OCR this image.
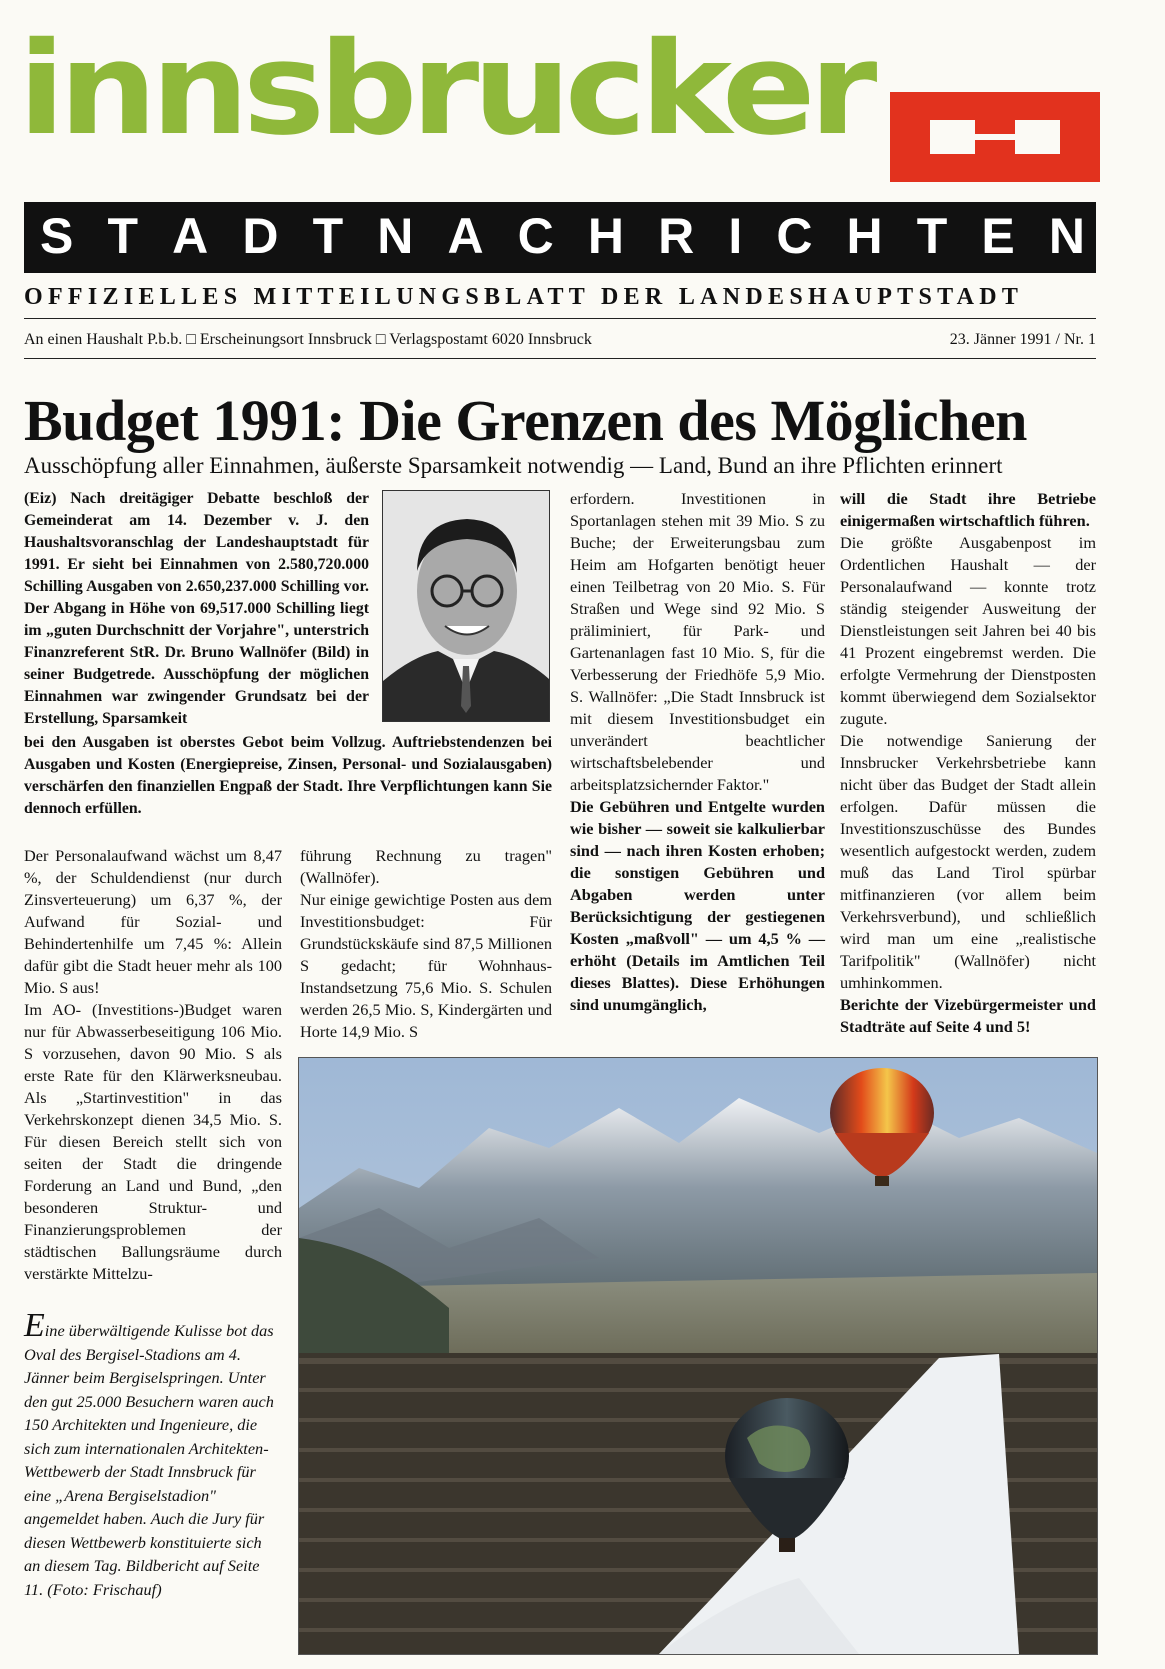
innsbrucker
S T A D T N A C H R I C H T E N
OFFIZIELLES MITTEILUNGSBLATT DER LANDESHAUPTSTADT
An einen Haushalt P.b.b. □ Erscheinungsort Innsbruck □ Verlagspostamt 6020 Innsbruck	23. Jänner 1991 / Nr. 1
Budget 1991: Die Grenzen des Möglichen
Ausschöpfung aller Einnahmen, äußerste Sparsamkeit notwendig — Land, Bund an ihre Pflichten erinnert
(Eiz) Nach dreitägiger Debatte beschloß der Gemeinderat am 14. Dezember v. J. den Haushaltsvoranschlag der Landeshauptstadt für 1991. Er sieht bei Einnahmen von 2.580,720.000 Schilling Ausgaben von 2.650,237.000 Schilling vor. Der Abgang in Höhe von 69,517.000 Schilling liegt im „guten Durchschnitt der Vorjahre", unterstrich Finanzreferent StR. Dr. Bruno Wallnöfer (Bild) in seiner Budgetrede. Ausschöpfung der möglichen Einnahmen war zwingender Grundsatz bei der Erstellung, Sparsamkeit
bei den Ausgaben ist oberstes Gebot beim Vollzug. Auftriebstendenzen bei Ausgaben und Kosten (Energiepreise, Zinsen, Personal- und Sozialausgaben) verschärfen den finanziellen Engpaß der Stadt. Ihre Verpflichtungen kann Sie dennoch erfüllen.

Der Personalaufwand wächst um 8,47 %, der Schuldendienst (nur durch Zinsverteuerung) um 6,37 %, der Aufwand für Sozial- und Behindertenhilfe um 7,45 %: Allein dafür gibt die Stadt heuer mehr als 100 Mio. S aus!

Im AO- (Investitions-)Budget waren nur für Abwasserbeseitigung 106 Mio. S vorzusehen, davon 90 Mio. S als erste Rate für den Klärwerksneubau. Als „Startinvestition" in das Verkehrskonzept dienen 34,5 Mio. S. Für diesen Bereich stellt sich von seiten der Stadt die dringende Forderung an Land und Bund, „den besonderen Struktur- und Finanzierungsproblemen der städtischen Ballungsräume durch verstärkte Mittelzu-

führung Rechnung zu tragen" (Wallnöfer).

Nur einige gewichtige Posten aus dem Investitionsbudget: Für Grundstückskäufe sind 87,5 Millionen S gedacht; für Wohnhaus-Instandsetzung 75,6 Mio. S. Schulen werden 26,5 Mio. S, Kindergärten und Horte 14,9 Mio. S

erfordern. Investitionen in Sportanlagen stehen mit 39 Mio. S zu Buche; der Erweiterungsbau zum Heim am Hofgarten benötigt heuer einen Teilbetrag von 20 Mio. S. Für Straßen und Wege sind 92 Mio. S präliminiert, für Park- und Gartenanlagen fast 10 Mio. S, für die Verbesserung der Friedhöfe 5,9 Mio. S. Wallnöfer: „Die Stadt Innsbruck ist mit diesem Investitionsbudget ein unverändert beachtlicher wirtschaftsbelebender und arbeitsplatzsichernder Faktor."

Die Gebühren und Entgelte wurden wie bisher — soweit sie kalkulierbar sind — nach ihren Kosten erhoben; die sonstigen Gebühren und Abgaben werden unter Berücksichtigung der gestiegenen Kosten „maßvoll" — um 4,5 % — erhöht (Details im Amtlichen Teil dieses Blattes). Diese Erhöhungen sind unumgänglich,

will die Stadt ihre Betriebe einigermaßen wirtschaftlich führen.

Die größte Ausgabenpost im Ordentlichen Haushalt — der Personalaufwand — konnte trotz ständig steigender Ausweitung der Dienstleistungen seit Jahren bei 40 bis 41 Prozent eingebremst werden. Die erfolgte Vermehrung der Dienstposten kommt überwiegend dem Sozialsektor zugute.

Die notwendige Sanierung der Innsbrucker Verkehrsbetriebe kann nicht über das Budget der Stadt allein erfolgen. Dafür müssen die Investitionszuschüsse des Bundes wesentlich aufgestockt werden, zudem muß das Land Tirol spürbar mitfinanzieren (vor allem beim Verkehrsverbund), und schließlich wird man um eine „realistische Tarifpolitik" (Wallnöfer) nicht umhinkommen.

Berichte der Vizebürgermeister und Stadträte auf Seite 4 und 5!

Eine überwältigende Kulisse bot das Oval des Bergisel-Stadions am 4. Jänner beim Bergiselspringen. Unter den gut 25.000 Besuchern waren auch 150 Architekten und Ingenieure, die sich zum internationalen Architekten-Wettbewerb der Stadt Innsbruck für eine „Arena Bergiselstadion" angemeldet haben. Auch die Jury für diesen Wettbewerb konstituierte sich an diesem Tag. Bildbericht auf Seite 11. (Foto: Frischauf)
